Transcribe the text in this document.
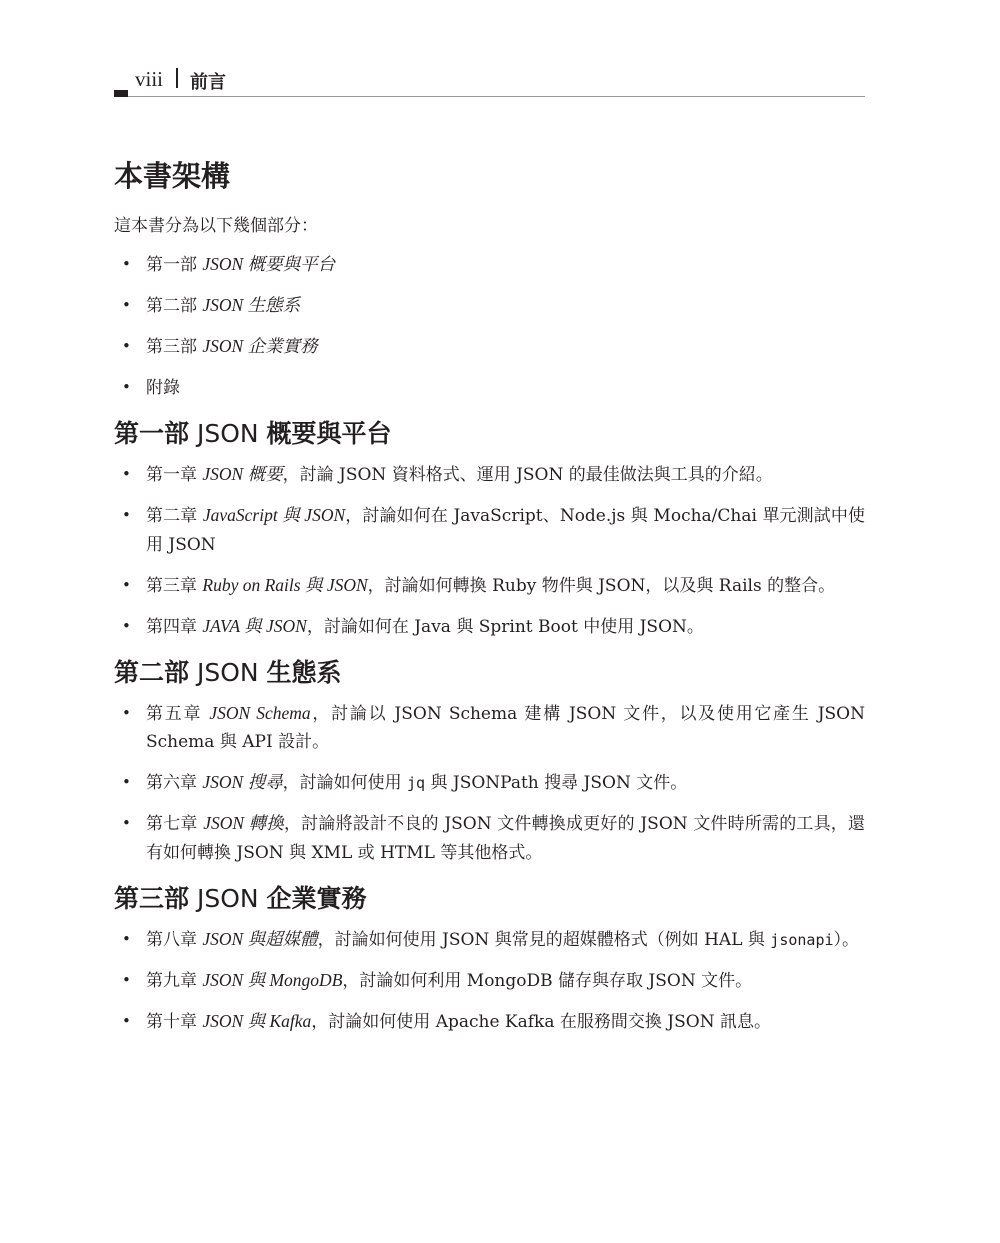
viii 前言
本書架構

這本書分為以下幾個部分：

• 第一部 JSON 概要與平台
• 第二部 JSON 生態系
• 第三部 JSON 企業實務
• 附錄
第一部 JSON 概要與平台
• 第一章 JSON 概要，討論 JSON 資料格式、運用 JSON 的最佳做法與工具的介紹。
• 第二章 JavaScript 與 JSON，討論如何在 JavaScript、Node.js 與 Mocha/Chai 單元測試中使用 JSON
• 第三章 Ruby on Rails 與 JSON，討論如何轉換 Ruby 物件與 JSON，以及與 Rails 的整合。
• 第四章 JAVA 與 JSON，討論如何在 Java 與 Sprint Boot 中使用 JSON。
第二部 JSON 生態系
• 第五章 JSON Schema，討論以 JSON Schema 建構 JSON 文件，以及使用它產生 JSON Schema 與 API 設計。
• 第六章 JSON 搜尋，討論如何使用 jq 與 JSONPath 搜尋 JSON 文件。
• 第七章 JSON 轉換，討論將設計不良的 JSON 文件轉換成更好的 JSON 文件時所需的工具，還有如何轉換 JSON 與 XML 或 HTML 等其他格式。
第三部 JSON 企業實務
• 第八章 JSON 與超媒體，討論如何使用 JSON 與常見的超媒體格式（例如 HAL 與 jsonapi）。
• 第九章 JSON 與 MongoDB，討論如何利用 MongoDB 儲存與存取 JSON 文件。
• 第十章 JSON 與 Kafka，討論如何使用 Apache Kafka 在服務間交換 JSON 訊息。
